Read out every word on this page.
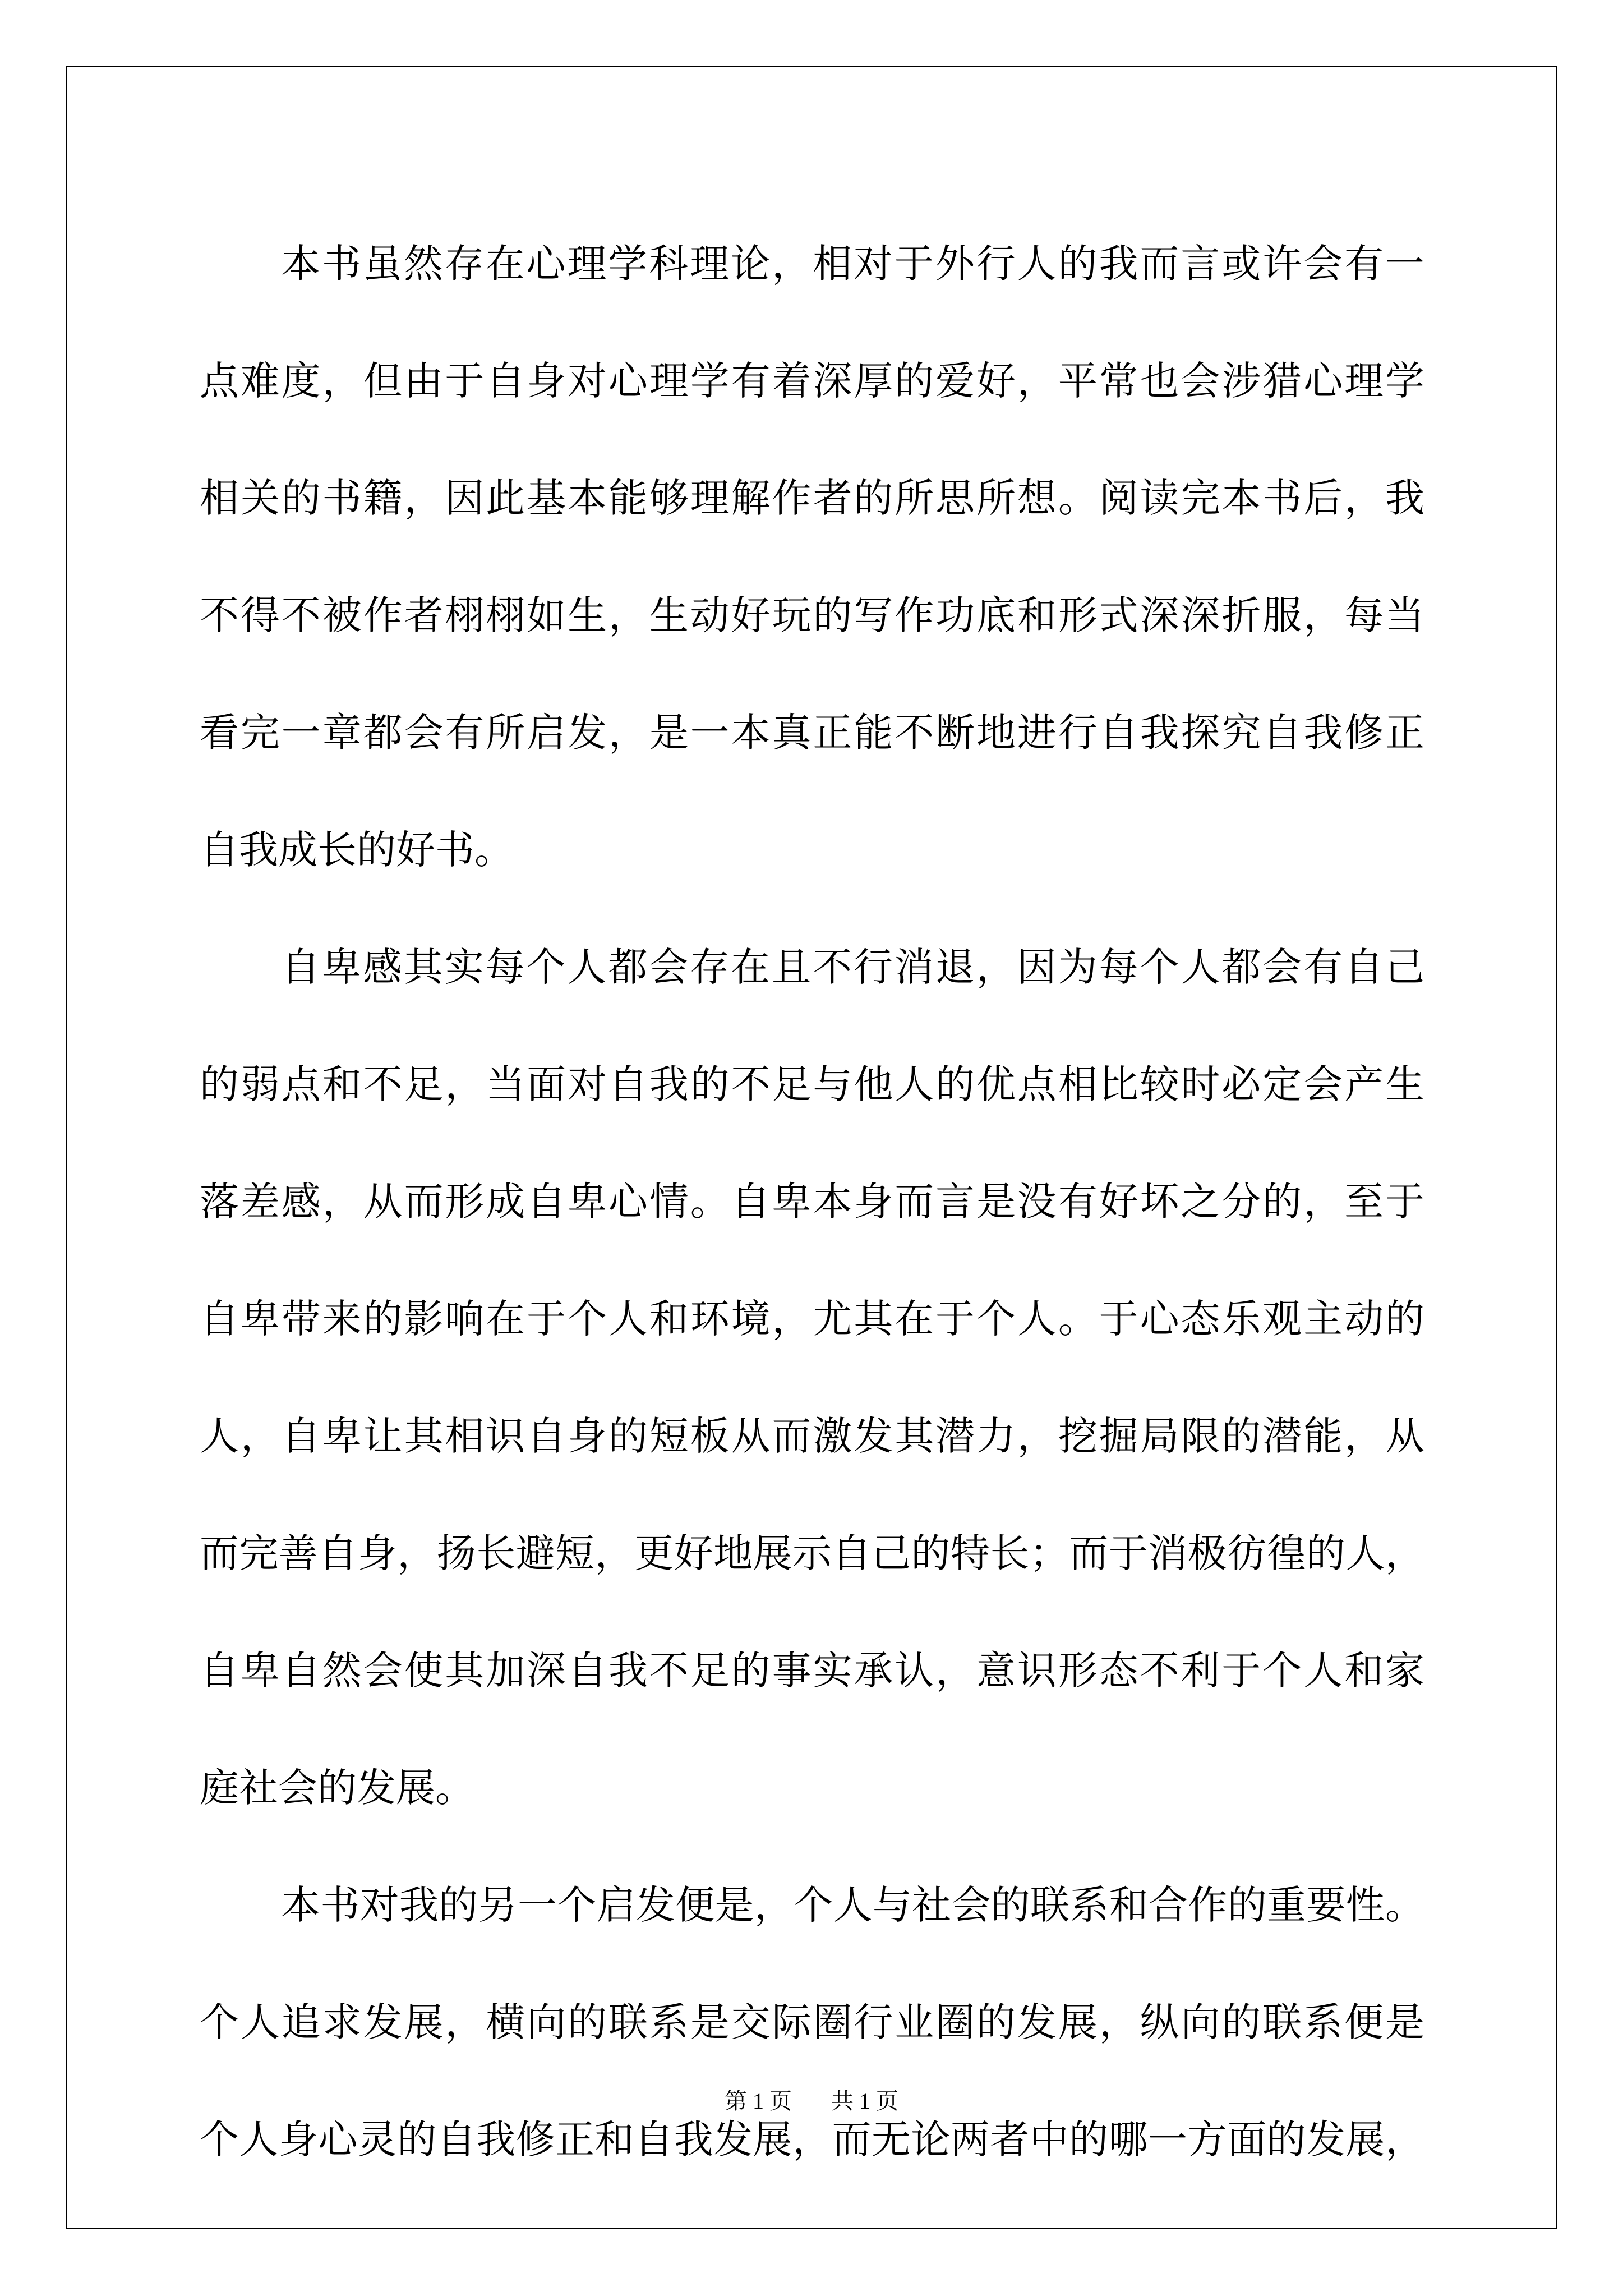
本书虽然存在心理学科理论，相对于外行人的我而言或许会有一
点难度，但由于自身对心理学有着深厚的爱好，平常也会涉猎心理学
相关的书籍，因此基本能够理解作者的所思所想。阅读完本书后，我
不得不被作者栩栩如生，生动好玩的写作功底和形式深深折服，每当
看完一章都会有所启发，是一本真正能不断地进行自我探究自我修正
自我成长的好书。
自卑感其实每个人都会存在且不行消退，因为每个人都会有自己
的弱点和不足，当面对自我的不足与他人的优点相比较时必定会产生
落差感，从而形成自卑心情。自卑本身而言是没有好坏之分的，至于
自卑带来的影响在于个人和环境，尤其在于个人。于心态乐观主动的
人，自卑让其相识自身的短板从而激发其潜力，挖掘局限的潜能，从
而完善自身，扬长避短，更好地展示自己的特长；而于消极彷徨的人，
自卑自然会使其加深自我不足的事实承认，意识形态不利于个人和家
庭社会的发展。
本书对我的另一个启发便是，个人与社会的联系和合作的重要性。
个人追求发展，横向的联系是交际圈行业圈的发展，纵向的联系便是
个人身心灵的自我修正和自我发展，而无论两者中的哪一方面的发展，
第 1 页 共 1 页
